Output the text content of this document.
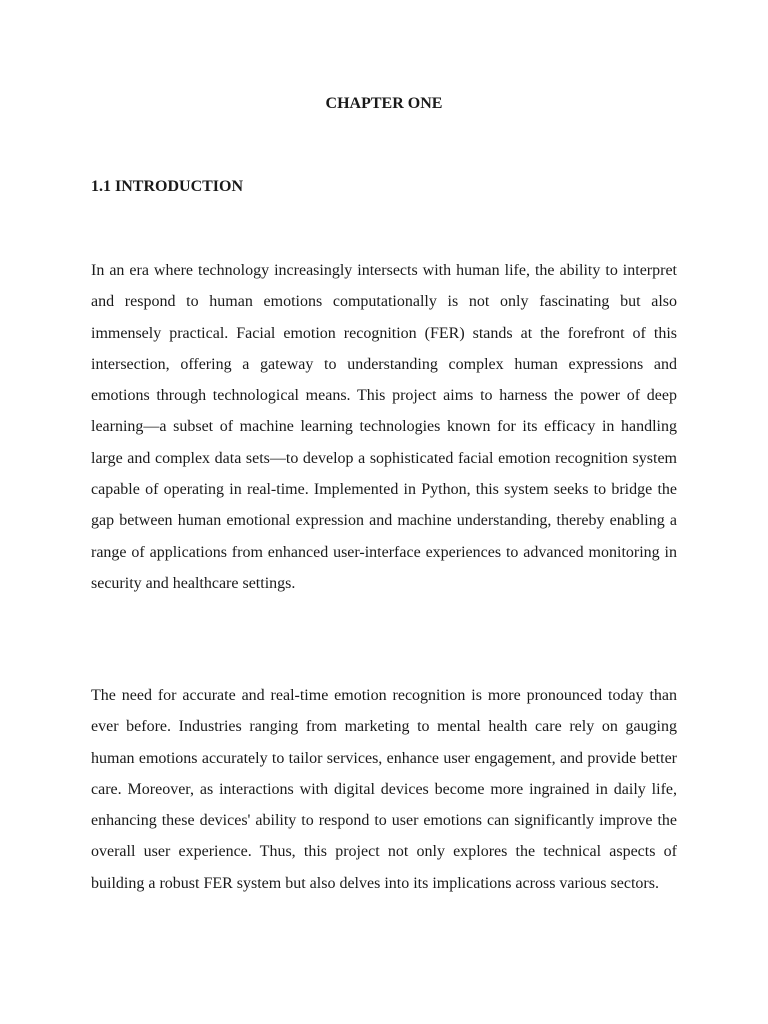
CHAPTER ONE
1.1 INTRODUCTION

In an era where technology increasingly intersects with human life, the ability to interpret and respond to human emotions computationally is not only fascinating but also immensely practical. Facial emotion recognition (FER) stands at the forefront of this intersection, offering a gateway to understanding complex human expressions and emotions through technological means. This project aims to harness the power of deep learning—a subset of machine learning technologies known for its efficacy in handling large and complex data sets—to develop a sophisticated facial emotion recognition system capable of operating in real-time. Implemented in Python, this system seeks to bridge the gap between human emotional expression and machine understanding, thereby enabling a range of applications from enhanced user-interface experiences to advanced monitoring in security and healthcare settings.

The need for accurate and real-time emotion recognition is more pronounced today than ever before. Industries ranging from marketing to mental health care rely on gauging human emotions accurately to tailor services, enhance user engagement, and provide better care. Moreover, as interactions with digital devices become more ingrained in daily life, enhancing these devices' ability to respond to user emotions can significantly improve the overall user experience. Thus, this project not only explores the technical aspects of building a robust FER system but also delves into its implications across various sectors.
